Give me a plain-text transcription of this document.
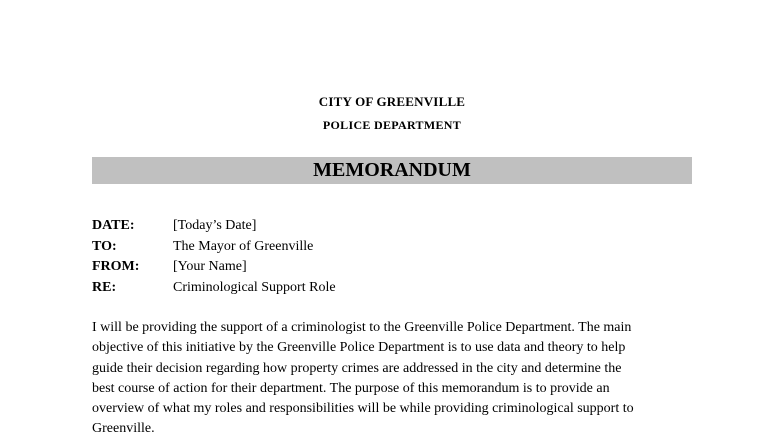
CITY OF GREENVILLE
POLICE DEPARTMENT
MEMORANDUM
DATE:	[Today’s Date]
TO:	The Mayor of Greenville
FROM:	[Your Name]
RE:	Criminological Support Role

I will be providing the support of a criminologist to the Greenville Police Department. The main
objective of this initiative by the Greenville Police Department is to use data and theory to help
guide their decision regarding how property crimes are addressed in the city and determine the
best course of action for their department. The purpose of this memorandum is to provide an
overview of what my roles and responsibilities will be while providing criminological support to
Greenville.
